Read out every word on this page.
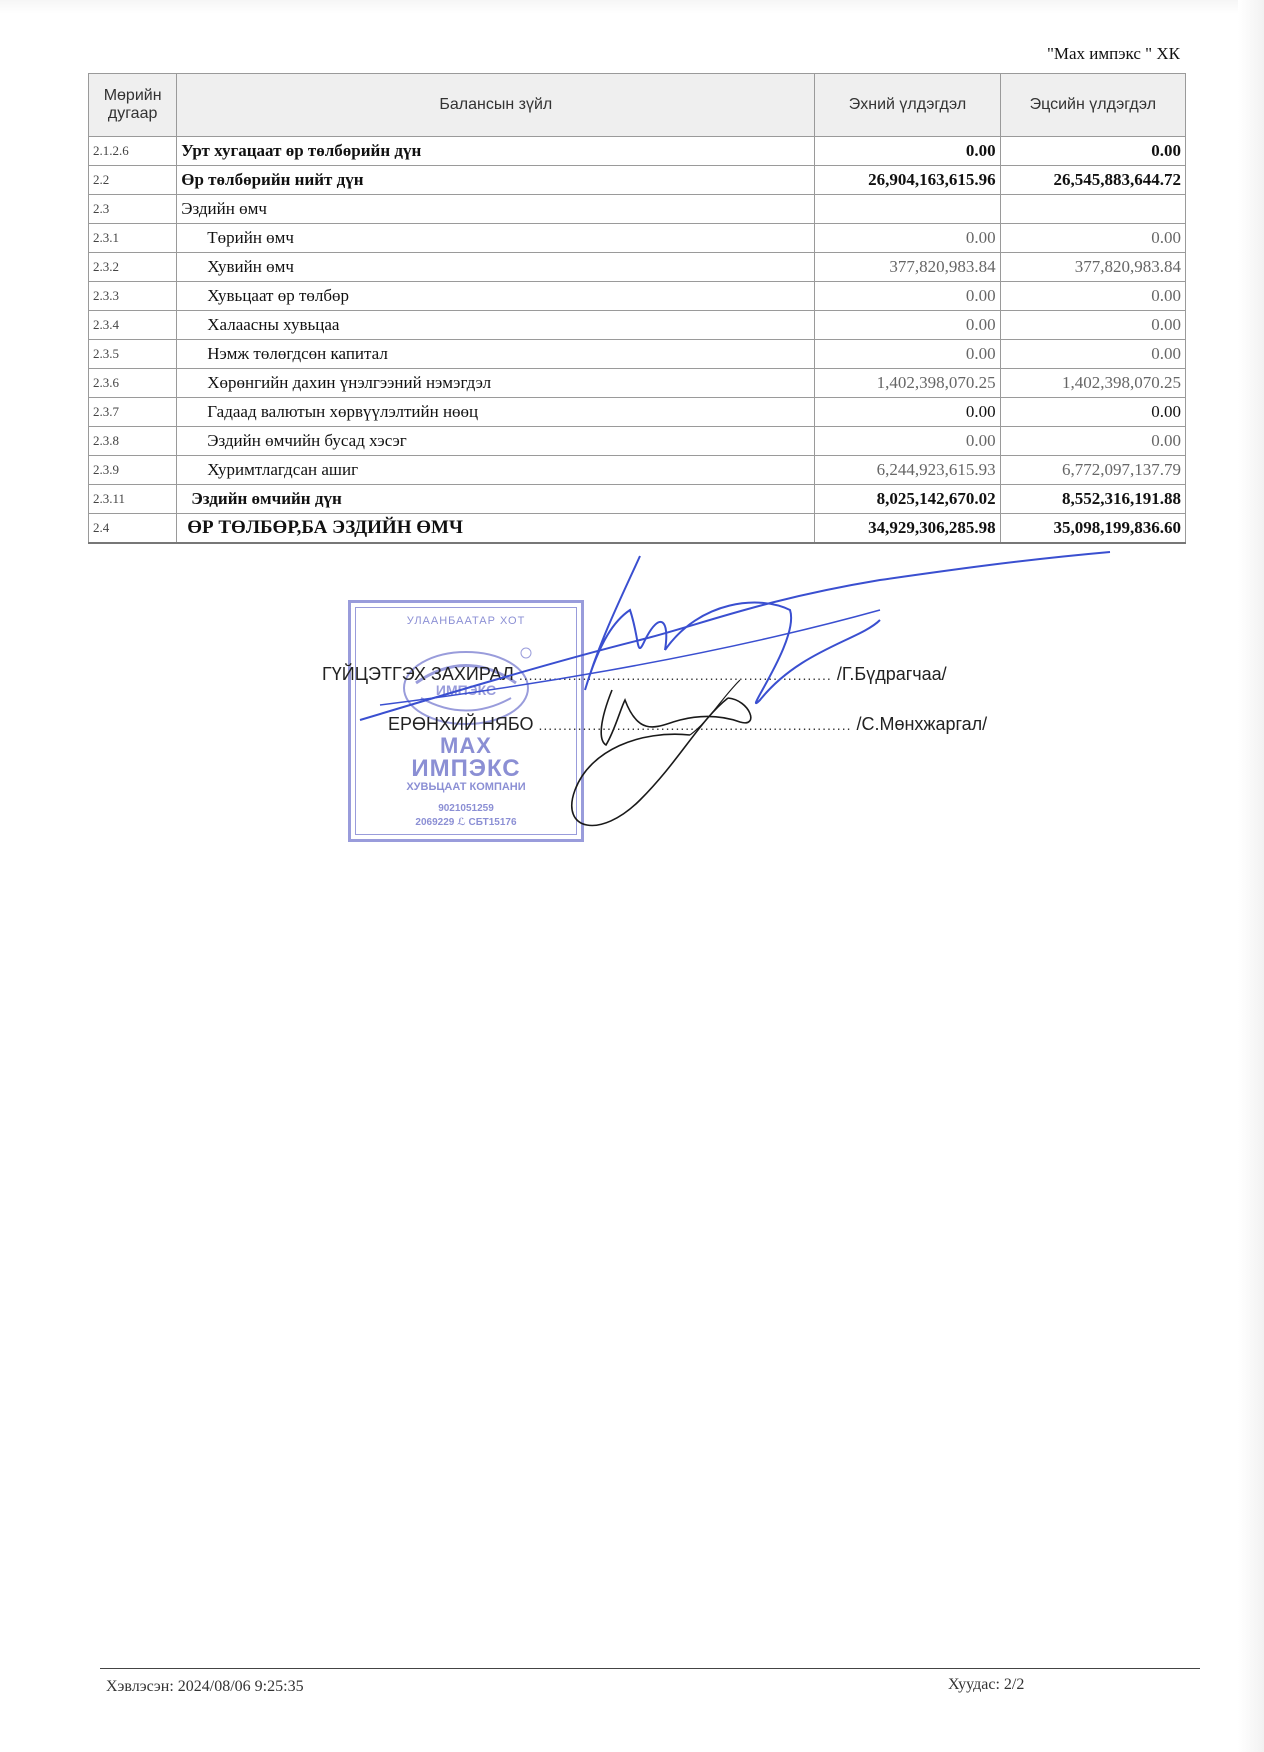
"Max импэкс " ХК
Мөрийн дугаар	Балансын зүйл	Эхний үлдэгдэл	Эцсийн үлдэгдэл
2.1.2.6	Урт хугацаат өр төлбөрийн дүн	0.00	0.00
2.2	Өр төлбөрийн нийт дүн	26,904,163,615.96	26,545,883,644.72
2.3	Эздийн өмч		
2.3.1	Төрийн өмч	0.00	0.00
2.3.2	Хувийн өмч	377,820,983.84	377,820,983.84
2.3.3	Хувьцаат өр төлбөр	0.00	0.00
2.3.4	Халаасны хувьцаа	0.00	0.00
2.3.5	Нэмж төлөгдсөн капитал	0.00	0.00
2.3.6	Хөрөнгийн дахин үнэлгээний нэмэгдэл	1,402,398,070.25	1,402,398,070.25
2.3.7	Гадаад валютын хөрвүүлэлтийн нөөц	0.00	0.00
2.3.8	Эздийн өмчийн бусад хэсэг	0.00	0.00
2.3.9	Хуримтлагдсан ашиг	6,244,923,615.93	6,772,097,137.79
2.3.11	Эздийн өмчийн дүн	8,025,142,670.02	8,552,316,191.88
2.4	ӨР ТӨЛБӨР,БА ЭЗДИЙН ӨМЧ	34,929,306,285.98	35,098,199,836.60
УЛААНБААТАР ХОТ
ИМПЭКС
МАХ
ИМПЭКС
ХУВЬЦААТ КОМПАНИ
9021051259
2069229 ℒ СБТ15176
ГҮЙЦЭТГЭХ ЗАХИРАЛ ................................................................ /Г.Бүдрагчаа/
ЕРӨНХИЙ НЯБО ................................................................ /С.Мөнхжаргал/
Хэвлэсэн: 2024/08/06 9:25:35	Хуудас: 2/2
